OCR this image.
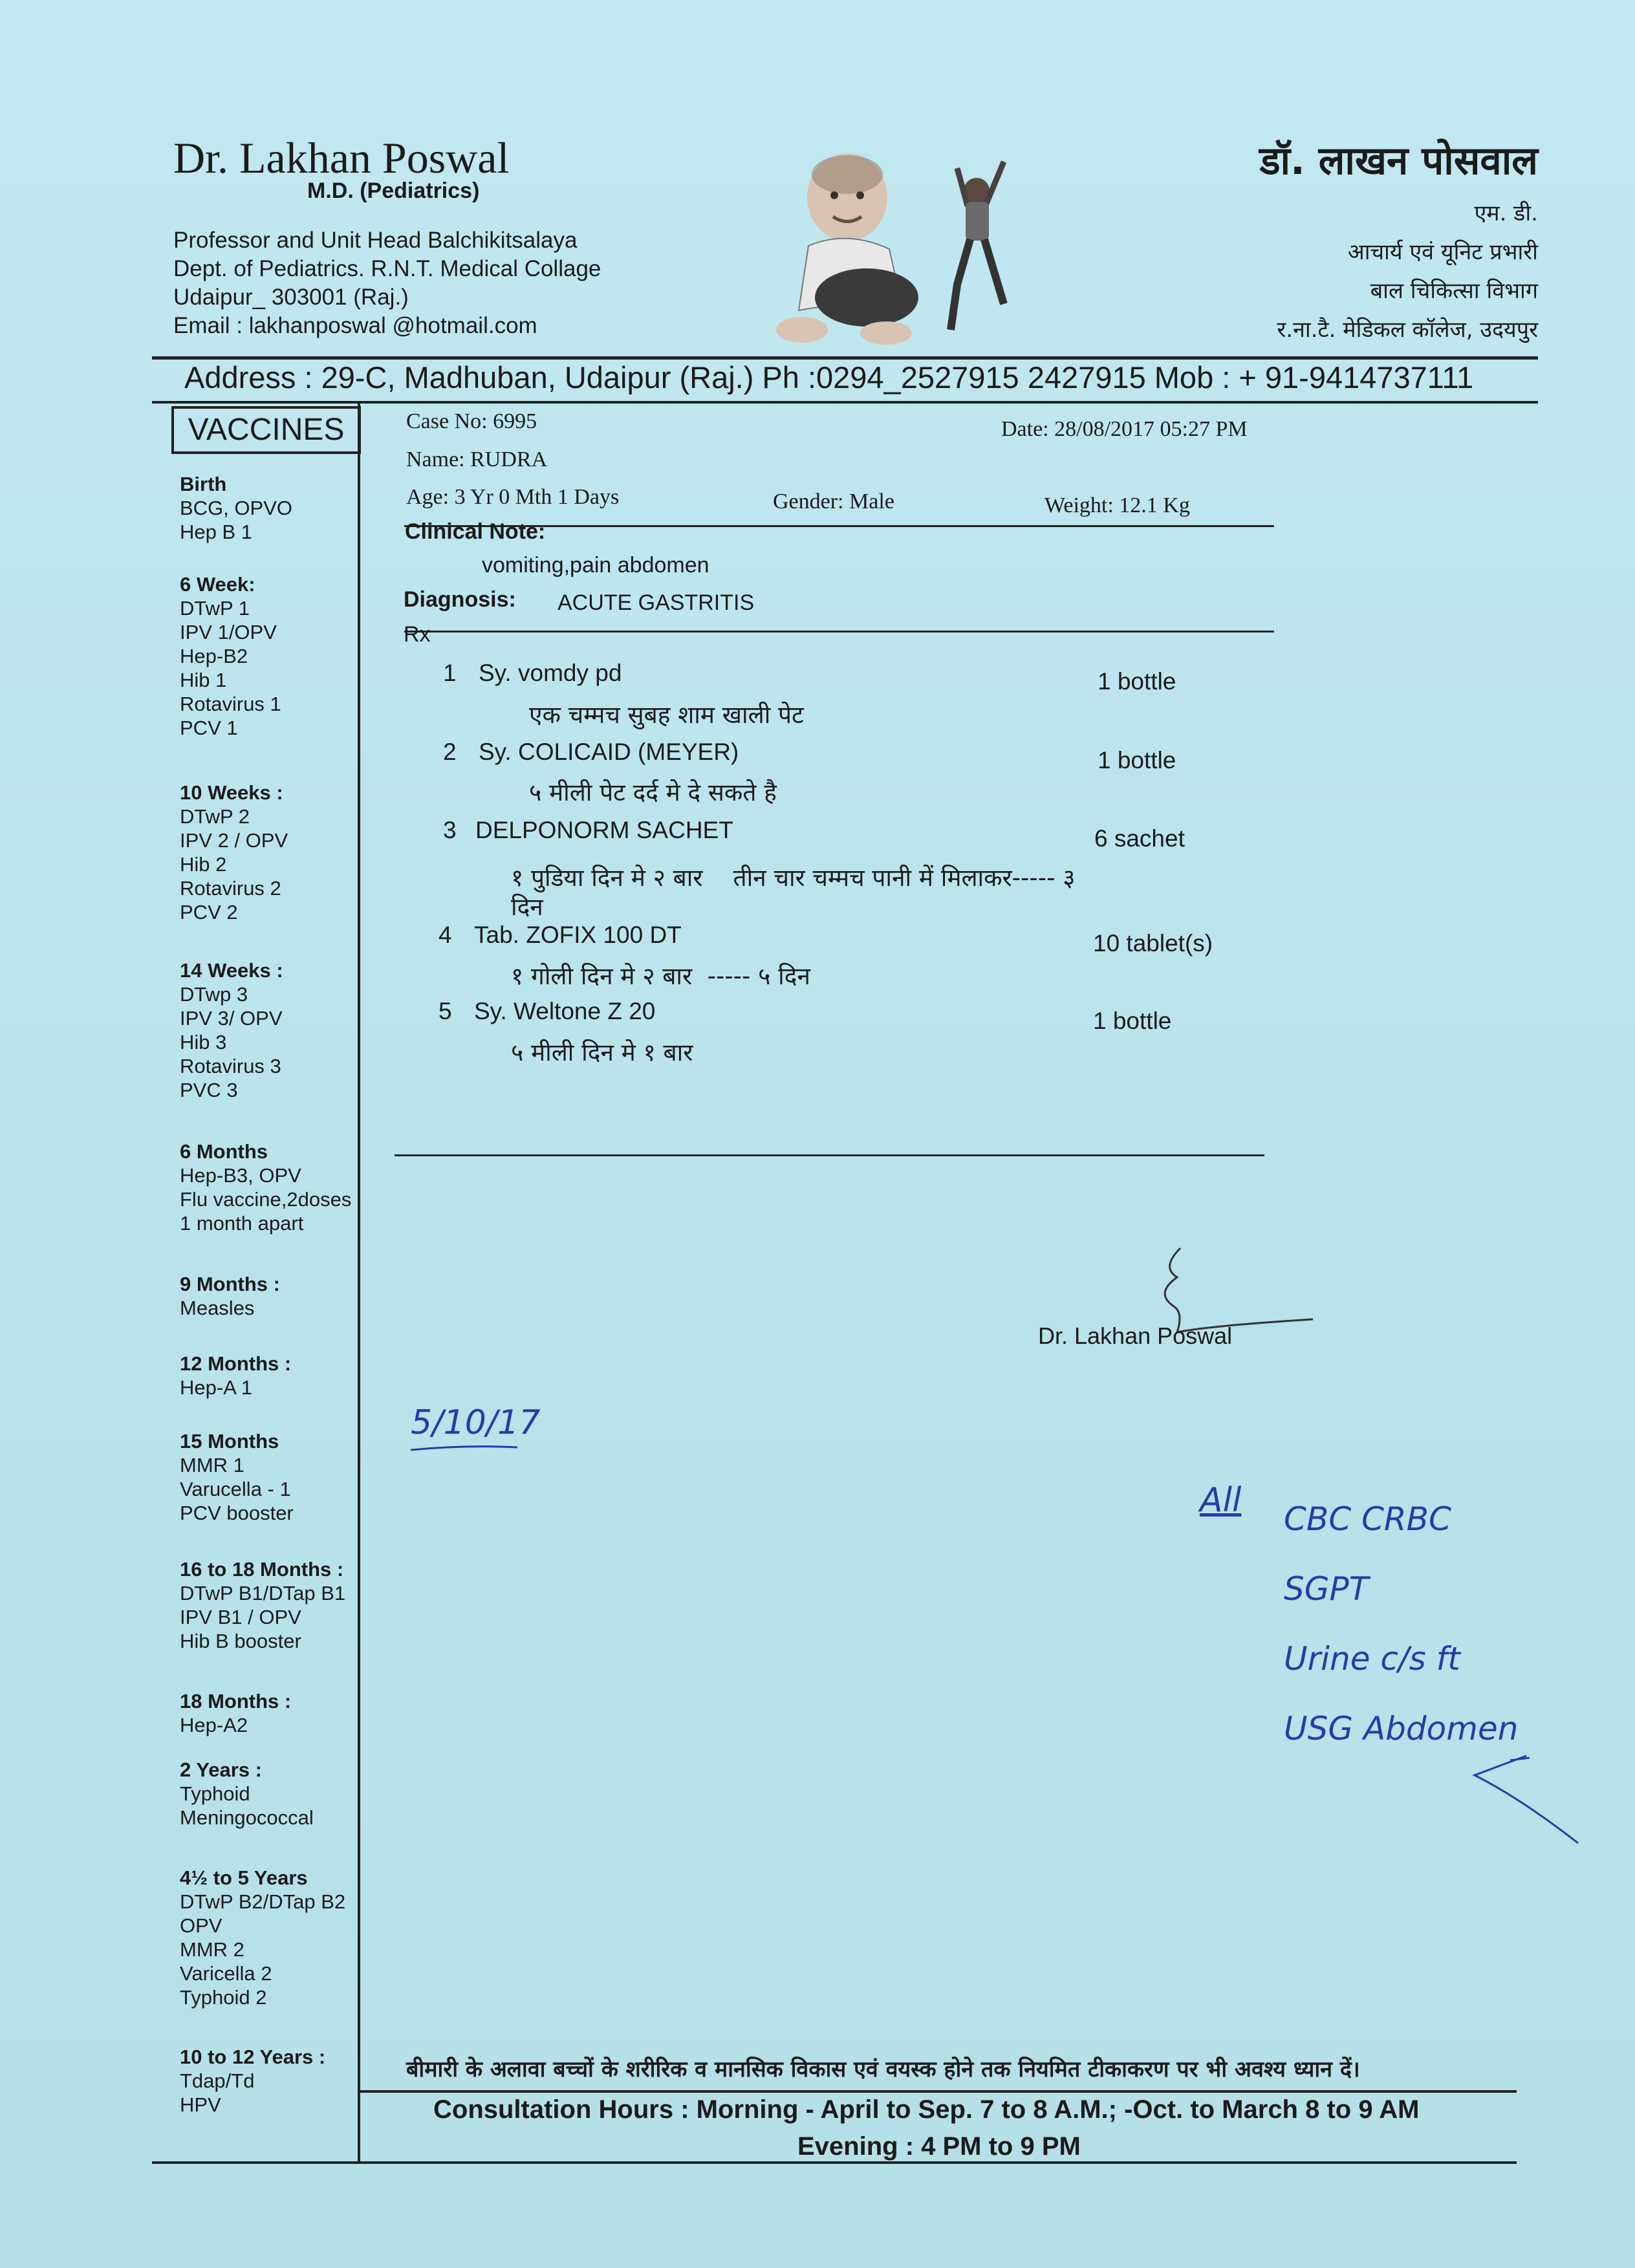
Dr. Lakhan Poswal
M.D. (Pediatrics)
Professor and Unit Head Balchikitsalaya
Dept. of Pediatrics. R.N.T. Medical Collage
Udaipur_ 303001 (Raj.)
Email : lakhanposwal @hotmail.com
डॉ. लाखन पोसवाल
एम. डी.
आचार्य एवं यूनिट प्रभारी
बाल चिकित्सा विभाग
र.ना.टै. मेडिकल कॉलेज, उदयपुर
Address : 29-C, Madhuban, Udaipur (Raj.) Ph :0294_2527915 2427915 Mob : + 91-9414737111
VACCINES
Birth
BCG, OPVO
Hep B 1
6 Week:
DTwP 1
IPV 1/OPV
Hep-B2
Hib 1
Rotavirus 1
PCV 1
10 Weeks :
DTwP 2
IPV 2 / OPV
Hib 2
Rotavirus 2
PCV 2
14 Weeks :
DTwp 3
IPV 3/ OPV
Hib 3
Rotavirus 3
PVC 3
6 Months
Hep-B3, OPV
Flu vaccine,2doses
1 month apart
9 Months :
Measles
12 Months :
Hep-A 1
15 Months
MMR 1
Varucella - 1
PCV booster
16 to 18 Months :
DTwP B1/DTap B1
IPV B1 / OPV
Hib B booster
18 Months :
Hep-A2
2 Years :
Typhoid
Meningococcal
4½ to 5 Years
DTwP B2/DTap B2
OPV
MMR 2
Varicella 2
Typhoid 2
10 to 12 Years :
Tdap/Td
HPV
Case No: 6995	Date: 28/08/2017 05:27 PM
Name: RUDRA
Age: 3 Yr 0 Mth 1 Days	Gender: Male	Weight: 12.1 Kg
Clinical Note:
vomiting,pain abdomen
Diagnosis: ACUTE GASTRITIS
Rx
1 Sy. vomdy pd	1 bottle
एक चम्मच सुबह शाम खाली पेट
2 Sy. COLICAID (MEYER)	1 bottle
५ मीली पेट दर्द मे दे सकते है
3 DELPONORM SACHET	6 sachet
१ पुडिया दिन मे २ बार    तीन चार चम्मच पानी में मिलाकर----- ३
दिन
4 Tab. ZOFIX 100 DT	10 tablet(s)
१ गोली दिन मे २ बार  ----- ५ दिन
5 Sy. Weltone Z 20	1 bottle
५ मीली दिन मे १ बार
Dr. Lakhan Poswal
5/10/17
All CBC CRBC
SGPT
Urine c/s ft
USG Abdomen
बीमारी के अलावा बच्चों के शरीरिक व मानसिक विकास एवं वयस्क होने तक नियमित टीकाकरण पर भी अवश्य ध्यान दें।
Consultation Hours : Morning - April to Sep. 7 to 8 A.M.; -Oct. to March 8 to 9 AM
Evening : 4 PM to 9 PM
